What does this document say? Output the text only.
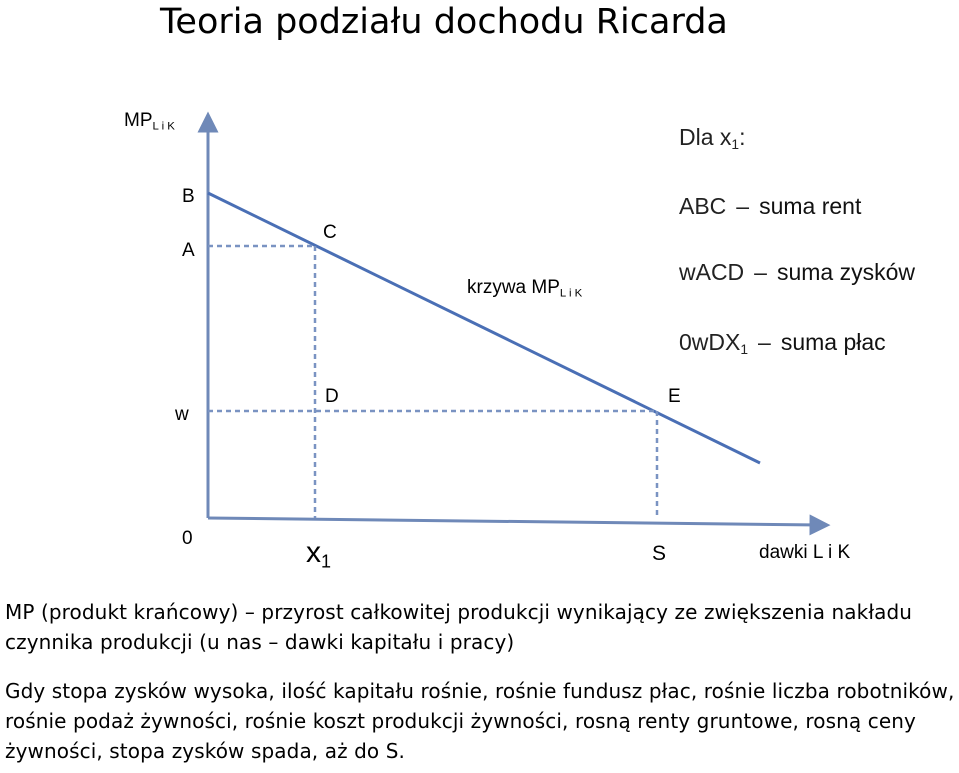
Teoria podziału dochodu Ricarda
$MP_{L i K}$
B
A
C
w
D	E
0	$x_1$	S	dawki L i K
krzywa $MP_{L i K}$
Dla $x_1$:
ABC – suma rent
wACD – suma zysków
0wDX$_1$ – suma płac
MP (produkt krańcowy) – przyrost całkowitej produkcji wynikający ze zwiększenia nakładu czynnika produkcji (u nas – dawki kapitału i pracy)
Gdy stopa zysków wysoka, ilość kapitału rośnie, rośnie fundusz płac, rośnie liczba robotników, rośnie podaż żywności, rośnie koszt produkcji żywności, rosną renty gruntowe, rosną ceny żywności, stopa zysków spada, aż do S.
